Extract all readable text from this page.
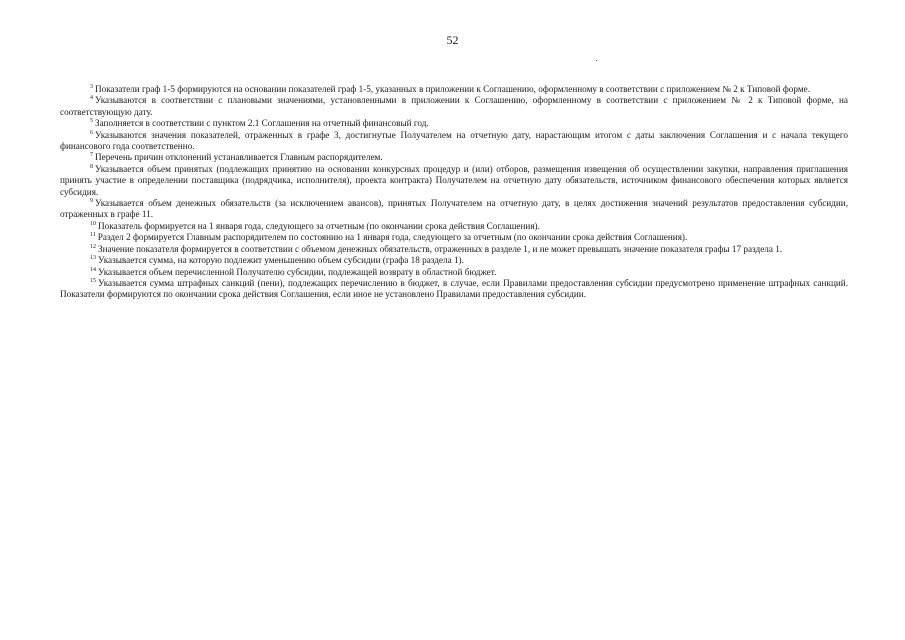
52

$^3$ Показатели граф 1-5 формируются на основании показателей граф 1-5, указанных в приложении к Соглашению, оформленному в соответствии с приложением № 2 к Типовой форме.

$^4$ Указываются в соответствии с плановыми значениями, установленными в приложении к Соглашению, оформленному в соответствии с приложением № 2 к Типовой форме, на соответствующую дату.

$^5$ Заполняется в соответствии с пунктом 2.1 Соглашения на отчетный финансовый год.

$^6$ Указываются значения показателей, отраженных в графе 3, достигнутые Получателем на отчетную дату, нарастающим итогом с даты заключения Соглашения и с начала текущего финансового года соответственно.

$^7$ Перечень причин отклонений устанавливается Главным распорядителем.

$^8$ Указывается объем принятых (подлежащих принятию на основании конкурсных процедур и (или) отборов, размещения извещения об осуществлении закупки, направления приглашения принять участие в определении поставщика (подрядчика, исполнителя), проекта контракта) Получателем на отчетную дату обязательств, источником финансового обеспечения которых является субсидия.

$^9$ Указывается объем денежных обязательств (за исключением авансов), принятых Получателем на отчетную дату, в целях достижения значений результатов предоставления субсидии, отраженных в графе 11.

$^{10}$ Показатель формируется на 1 января года, следующего за отчетным (по окончании срока действия Соглашения).

$^{11}$ Раздел 2 формируется Главным распорядителем по состоянию на 1 января года, следующего за отчетным (по окончании срока действия Соглашения).

$^{12}$ Значение показателя формируется в соответствии с объемом денежных обязательств, отраженных в разделе 1, и не может превышать значение показателя графы 17 раздела 1.

$^{13}$ Указывается сумма, на которую подлежит уменьшению объем субсидии (графа 18 раздела 1).

$^{14}$ Указывается объем перечисленной Получателю субсидии, подлежащей возврату в областной бюджет.

$^{15}$ Указывается сумма штрафных санкций (пени), подлежащих перечислению в бюджет, в случае, если Правилами предоставления субсидии предусмотрено применение штрафных санкций. Показатели формируются по окончании срока действия Соглашения, если иное не установлено Правилами предоставления субсидии.
